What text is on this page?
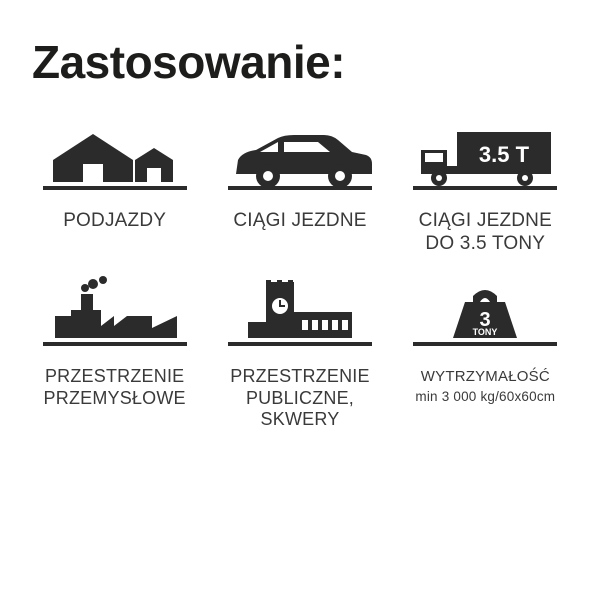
Zastosowanie:
PODJAZDY	CIĄGI JEZDNE
3.5 T
CIĄGI JEZDNE
DO 3.5 TONY
PRZESTRZENIE
PRZEMYSŁOWE
PRZESTRZENIE
PUBLICZNE,
SKWERY
3
TONY
WYTRZYMAŁOŚĆ
min 3 000 kg/60x60cm
